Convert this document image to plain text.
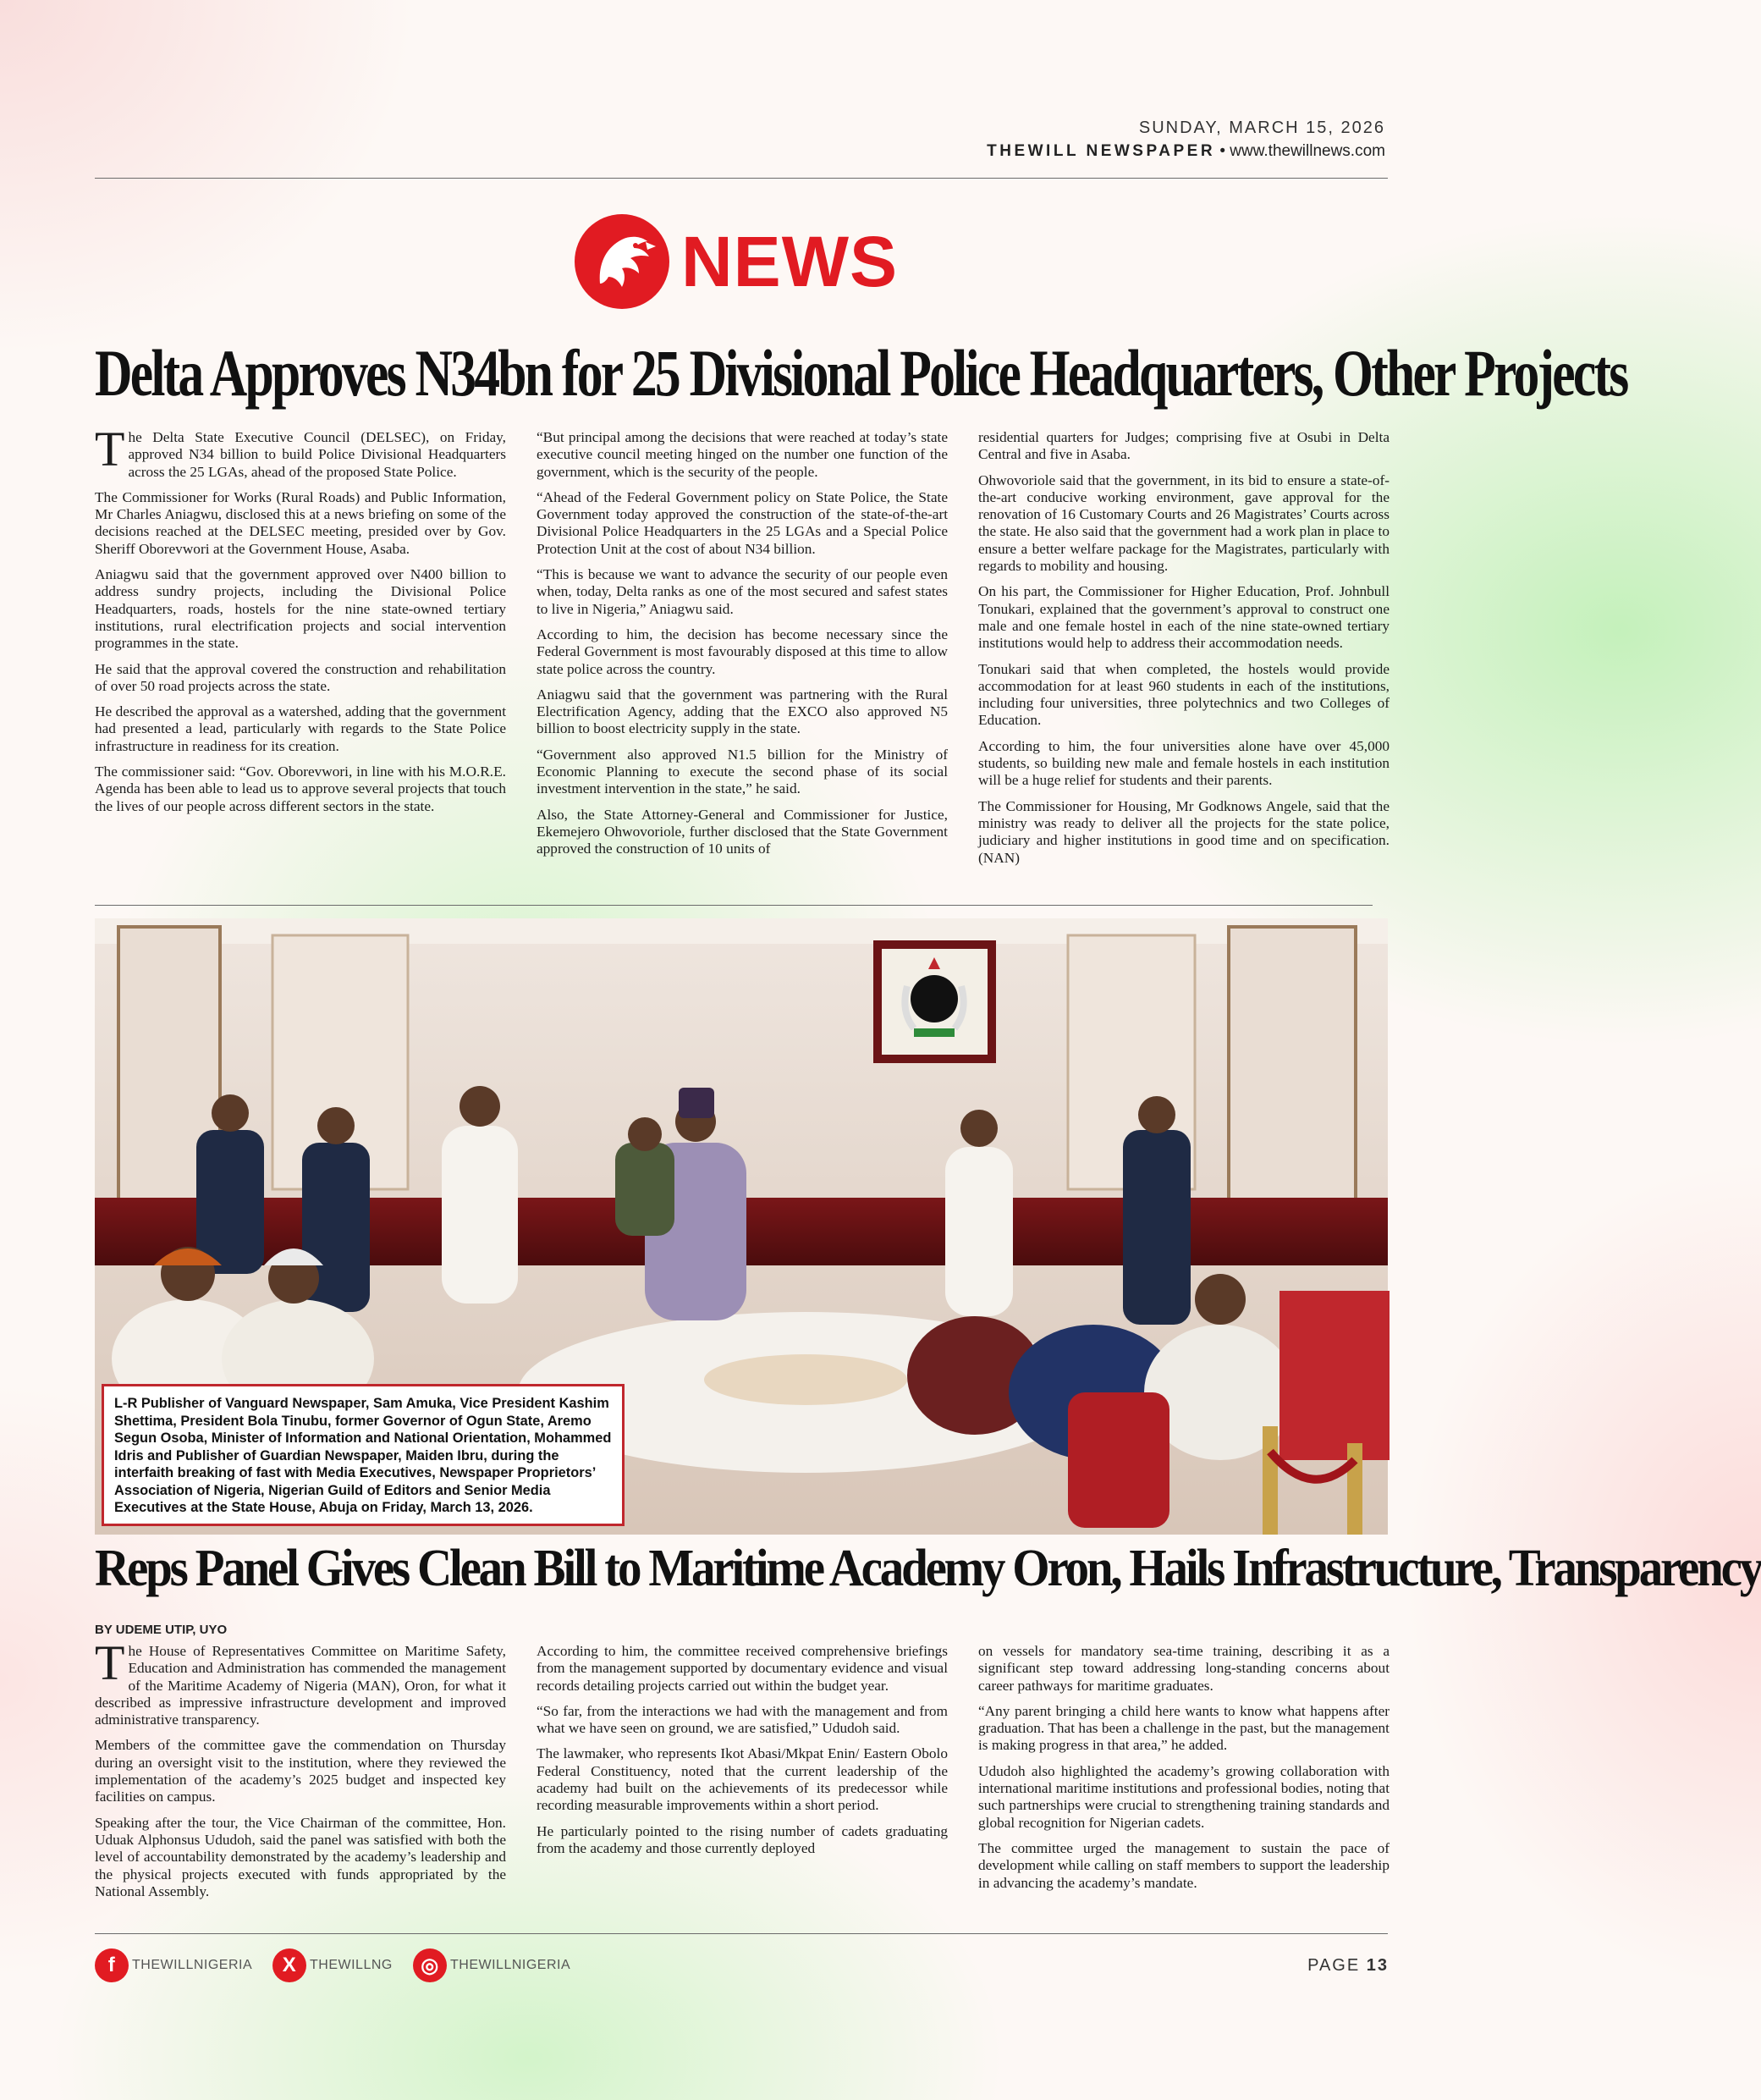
SUNDAY, MARCH 15, 2026
THEWILL NEWSPAPER • www.thewillnews.com
NEWS
Delta Approves N34bn for 25 Divisional Police Headquarters, Other Projects

The Delta State Executive Council (DELSEC), on Friday, approved N34 billion to build Police Divisional Headquarters across the 25 LGAs, ahead of the proposed State Police.

The Commissioner for Works (Rural Roads) and Public Information, Mr Charles Aniagwu, disclosed this at a news briefing on some of the decisions reached at the DELSEC meeting, presided over by Gov. Sheriff Oborevwori at the Government House, Asaba.

Aniagwu said that the government approved over N400 billion to address sundry projects, including the Divisional Police Headquarters, roads, hostels for the nine state-owned tertiary institutions, rural electrification projects and social intervention programmes in the state.

He said that the approval covered the construction and rehabilitation of over 50 road projects across the state.

He described the approval as a watershed, adding that the government had presented a lead, particularly with regards to the State Police infrastructure in readiness for its creation.

The commissioner said: “Gov. Oborevwori, in line with his M.O.R.E. Agenda has been able to lead us to approve several projects that touch the lives of our people across different sectors in the state.

“But principal among the decisions that were reached at today’s state executive council meeting hinged on the number one function of the government, which is the security of the people.

“Ahead of the Federal Government policy on State Police, the State Government today approved the construction of the state-of-the-art Divisional Police Headquarters in the 25 LGAs and a Special Police Protection Unit at the cost of about N34 billion.

“This is because we want to advance the security of our people even when, today, Delta ranks as one of the most secured and safest states to live in Nigeria,” Aniagwu said.

According to him, the decision has become necessary since the Federal Government is most favourably disposed at this time to allow state police across the country.

Aniagwu said that the government was partnering with the Rural Electrification Agency, adding that the EXCO also approved N5 billion to boost electricity supply in the state.

“Government also approved N1.5 billion for the Ministry of Economic Planning to execute the second phase of its social investment intervention in the state,” he said.

Also, the State Attorney-General and Commissioner for Justice, Ekemejero Ohwovoriole, further disclosed that the State Government approved the construction of 10 units of

residential quarters for Judges; comprising five at Osubi in Delta Central and five in Asaba.

Ohwovoriole said that the government, in its bid to ensure a state-of-the-art conducive working environment, gave approval for the renovation of 16 Customary Courts and 26 Magistrates’ Courts across the state. He also said that the government had a work plan in place to ensure a better welfare package for the Magistrates, particularly with regards to mobility and housing.

On his part, the Commissioner for Higher Education, Prof. Johnbull Tonukari, explained that the government’s approval to construct one male and one female hostel in each of the nine state-owned tertiary institutions would help to address their accommodation needs.

Tonukari said that when completed, the hostels would provide accommodation for at least 960 students in each of the institutions, including four universities, three polytechnics and two Colleges of Education.

According to him, the four universities alone have over 45,000 students, so building new male and female hostels in each institution will be a huge relief for students and their parents.

The Commissioner for Housing, Mr Godknows Angele, said that the ministry was ready to deliver all the projects for the state police, judiciary and higher institutions in good time and on specification. (NAN)

L-R Publisher of Vanguard Newspaper, Sam Amuka, Vice President Kashim Shettima, President Bola Tinubu, former Governor of Ogun State, Aremo Segun Osoba, Minister of Information and National Orientation, Mohammed Idris and Publisher of Guardian Newspaper, Maiden Ibru, during the interfaith breaking of fast with Media Executives, Newspaper Proprietors’ Association of Nigeria, Nigerian Guild of Editors and Senior Media Executives at the State House, Abuja on Friday, March 13, 2026.
Reps Panel Gives Clean Bill to Maritime Academy Oron, Hails Infrastructure, Transparency
BY UDEME UTIP, UYO

The House of Representatives Committee on Maritime Safety, Education and Administration has commended the management of the Maritime Academy of Nigeria (MAN), Oron, for what it described as impressive infrastructure development and improved administrative transparency.

Members of the committee gave the commendation on Thursday during an oversight visit to the institution, where they reviewed the implementation of the academy’s 2025 budget and inspected key facilities on campus.

Speaking after the tour, the Vice Chairman of the committee, Hon. Uduak Alphonsus Ududoh, said the panel was satisfied with both the level of accountability demonstrated by the academy’s leadership and the physical projects executed with funds appropriated by the National Assembly.

According to him, the committee received comprehensive briefings from the management supported by documentary evidence and visual records detailing projects carried out within the budget year.

“So far, from the interactions we had with the management and from what we have seen on ground, we are satisfied,” Ududoh said.

The lawmaker, who represents Ikot Abasi/Mkpat Enin/ Eastern Obolo Federal Constituency, noted that the current leadership of the academy had built on the achievements of its predecessor while recording measurable improvements within a short period.

He particularly pointed to the rising number of cadets graduating from the academy and those currently deployed

on vessels for mandatory sea-time training, describing it as a significant step toward addressing long-standing concerns about career pathways for maritime graduates.

“Any parent bringing a child here wants to know what happens after graduation. That has been a challenge in the past, but the management is making progress in that area,” he added.

Ududoh also highlighted the academy’s growing collaboration with international maritime institutions and professional bodies, noting that such partnerships were crucial to strengthening training standards and global recognition for Nigerian cadets.

The committee urged the management to sustain the pace of development while calling on staff members to support the leadership in advancing the academy’s mandate.

f	THEWILLNIGERIA	X THEWILLNG	◎ THEWILLNIGERIA	PAGE 13
